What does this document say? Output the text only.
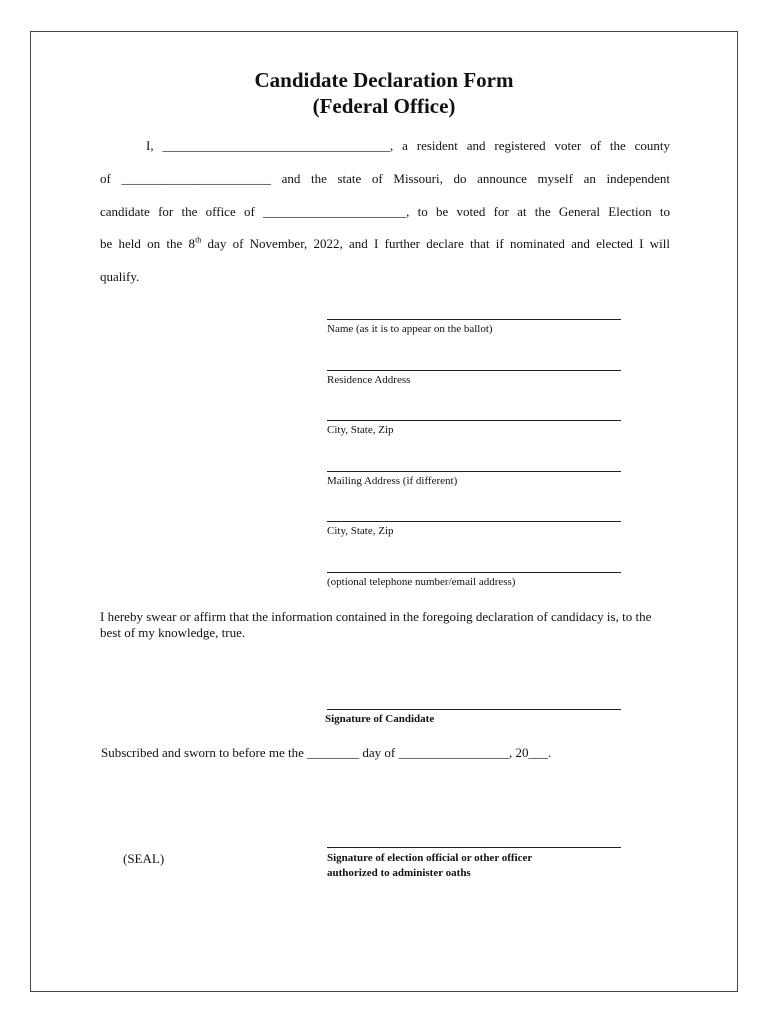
Candidate Declaration Form
(Federal Office)
I, ___________________________________, a resident and registered voter of the county
of _______________________ and the state of Missouri, do announce myself an independent
candidate for the office of ______________________, to be voted for at the General Election to
be held on the 8th day of November, 2022, and I further declare that if nominated and elected I will
qualify.
Name (as it is to appear on the ballot)
Residence Address
City, State, Zip
Mailing Address (if different)
City, State, Zip
(optional telephone number/email address)
I hereby swear or affirm that the information contained in the foregoing declaration of candidacy is, to the best of my knowledge, true.
Signature of Candidate
Subscribed and sworn to before me the ________ day of _________________, 20___.
(SEAL)	Signature of election official or other officer
authorized to administer oaths
